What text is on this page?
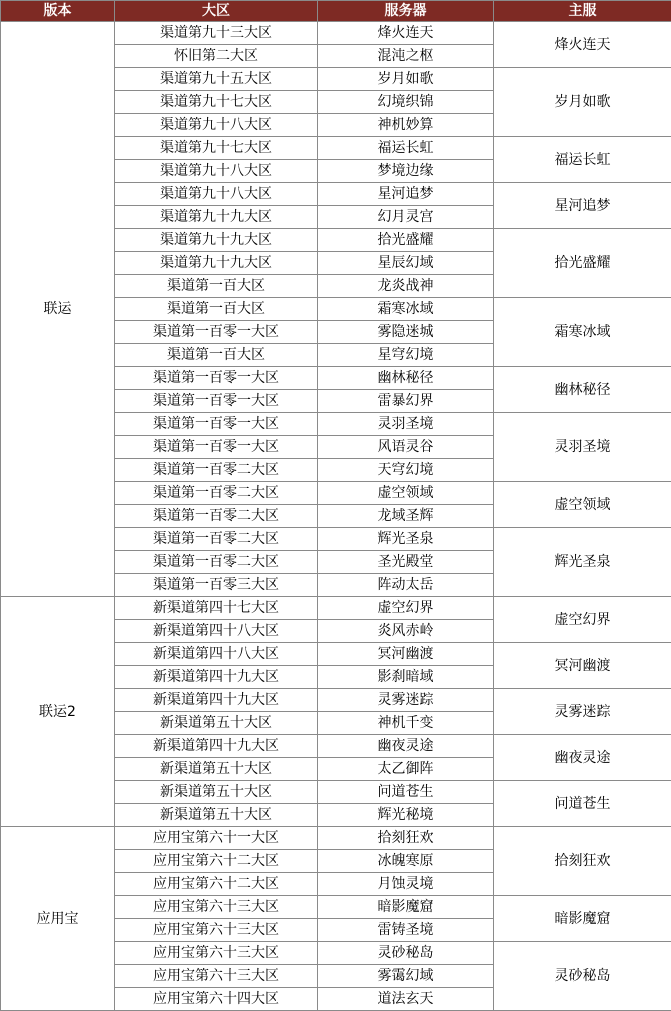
版本	大区	服务器	主服
联运	渠道第九十三大区	烽火连天	烽火连天
	怀旧第二大区	混沌之枢	
	渠道第九十五大区	岁月如歌	岁月如歌
	渠道第九十七大区	幻境织锦	
	渠道第九十八大区	神机妙算	
	渠道第九十七大区	福运长虹	福运长虹
	渠道第九十八大区	梦境边缘	
	渠道第九十八大区	星河追梦	星河追梦
	渠道第九十九大区	幻月灵宫	
	渠道第九十九大区	拾光盛耀	拾光盛耀
	渠道第九十九大区	星辰幻域	
	渠道第一百大区	龙炎战神	
	渠道第一百大区	霜寒冰域	霜寒冰域
	渠道第一百零一大区	雾隐迷城	
	渠道第一百大区	星穹幻境	
	渠道第一百零一大区	幽林秘径	幽林秘径
	渠道第一百零一大区	雷暴幻界	
	渠道第一百零一大区	灵羽圣境	灵羽圣境
	渠道第一百零一大区	风语灵谷	
	渠道第一百零二大区	天穹幻境	
	渠道第一百零二大区	虚空领域	虚空领域
	渠道第一百零二大区	龙域圣辉	
	渠道第一百零二大区	辉光圣泉	辉光圣泉
	渠道第一百零二大区	圣光殿堂	
	渠道第一百零三大区	阵动太岳	
联运2	新渠道第四十七大区	虚空幻界	虚空幻界
	新渠道第四十八大区	炎风赤岭	
	新渠道第四十八大区	冥河幽渡	冥河幽渡
	新渠道第四十九大区	影刹暗域	
	新渠道第四十九大区	灵雾迷踪	灵雾迷踪
	新渠道第五十大区	神机千变	
	新渠道第四十九大区	幽夜灵途	幽夜灵途
	新渠道第五十大区	太乙御阵	
	新渠道第五十大区	问道苍生	问道苍生
	新渠道第五十大区	辉光秘境	
应用宝	应用宝第六十一大区	拾刻狂欢	拾刻狂欢
	应用宝第六十二大区	冰魄寒原	
	应用宝第六十二大区	月蚀灵境	
	应用宝第六十三大区	暗影魔窟	暗影魔窟
	应用宝第六十三大区	雷铸圣境	
	应用宝第六十三大区	灵砂秘岛	灵砂秘岛
	应用宝第六十三大区	雾霭幻域	
	应用宝第六十四大区	道法玄天	
